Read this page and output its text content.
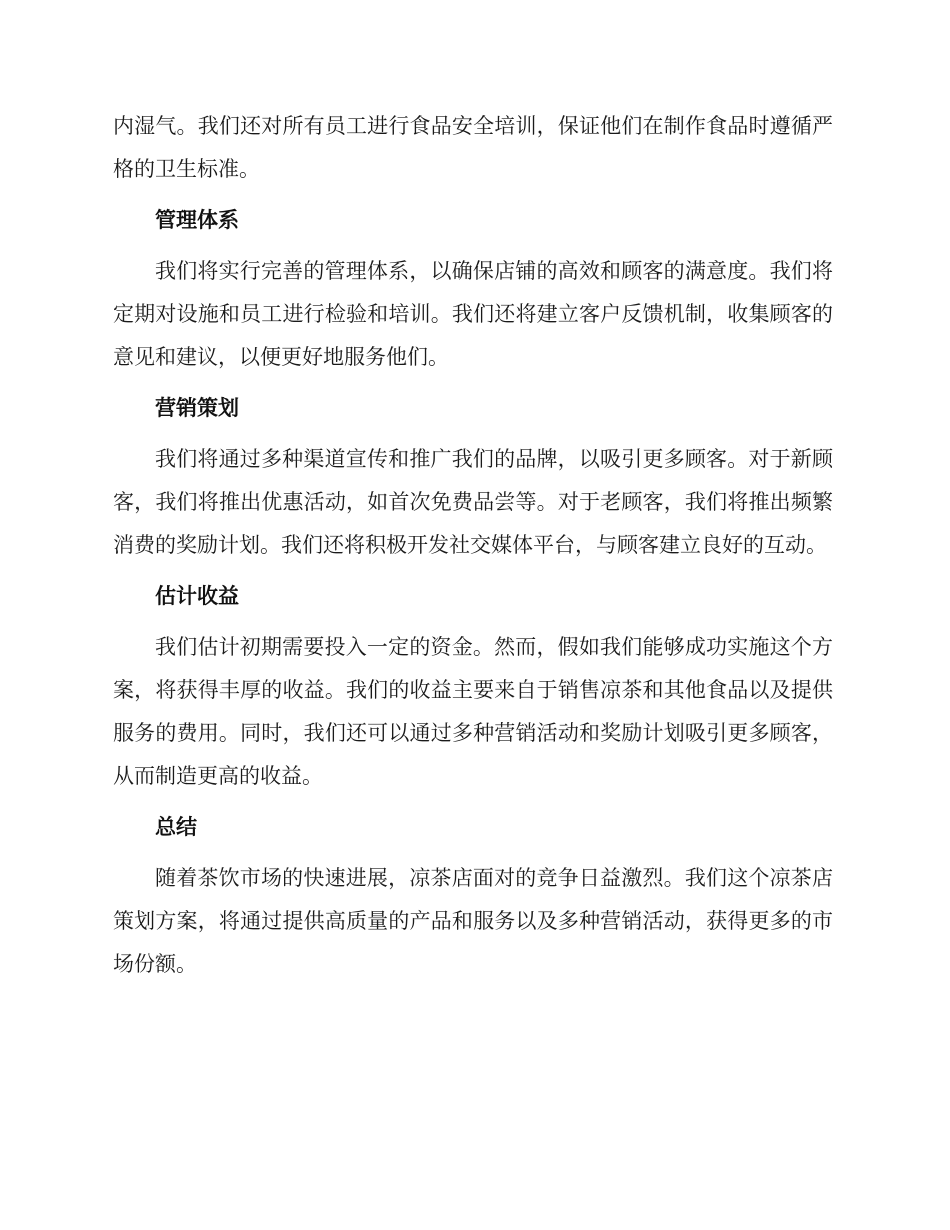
内湿气。我们还对所有员工进行食品安全培训，保证他们在制作食品时遵循严格的卫生标准。

管理体系

我们将实行完善的管理体系，以确保店铺的高效和顾客的满意度。我们将定期对设施和员工进行检验和培训。我们还将建立客户反馈机制，收集顾客的意见和建议，以便更好地服务他们。

营销策划

我们将通过多种渠道宣传和推广我们的品牌，以吸引更多顾客。对于新顾客，我们将推出优惠活动，如首次免费品尝等。对于老顾客，我们将推出频繁消费的奖励计划。我们还将积极开发社交媒体平台，与顾客建立良好的互动。

估计收益

我们估计初期需要投入一定的资金。然而，假如我们能够成功实施这个方案，将获得丰厚的收益。我们的收益主要来自于销售凉茶和其他食品以及提供服务的费用。同时，我们还可以通过多种营销活动和奖励计划吸引更多顾客，从而制造更高的收益。

总结

随着茶饮市场的快速进展，凉茶店面对的竞争日益激烈。我们这个凉茶店策划方案，将通过提供高质量的产品和服务以及多种营销活动，获得更多的市场份额。
